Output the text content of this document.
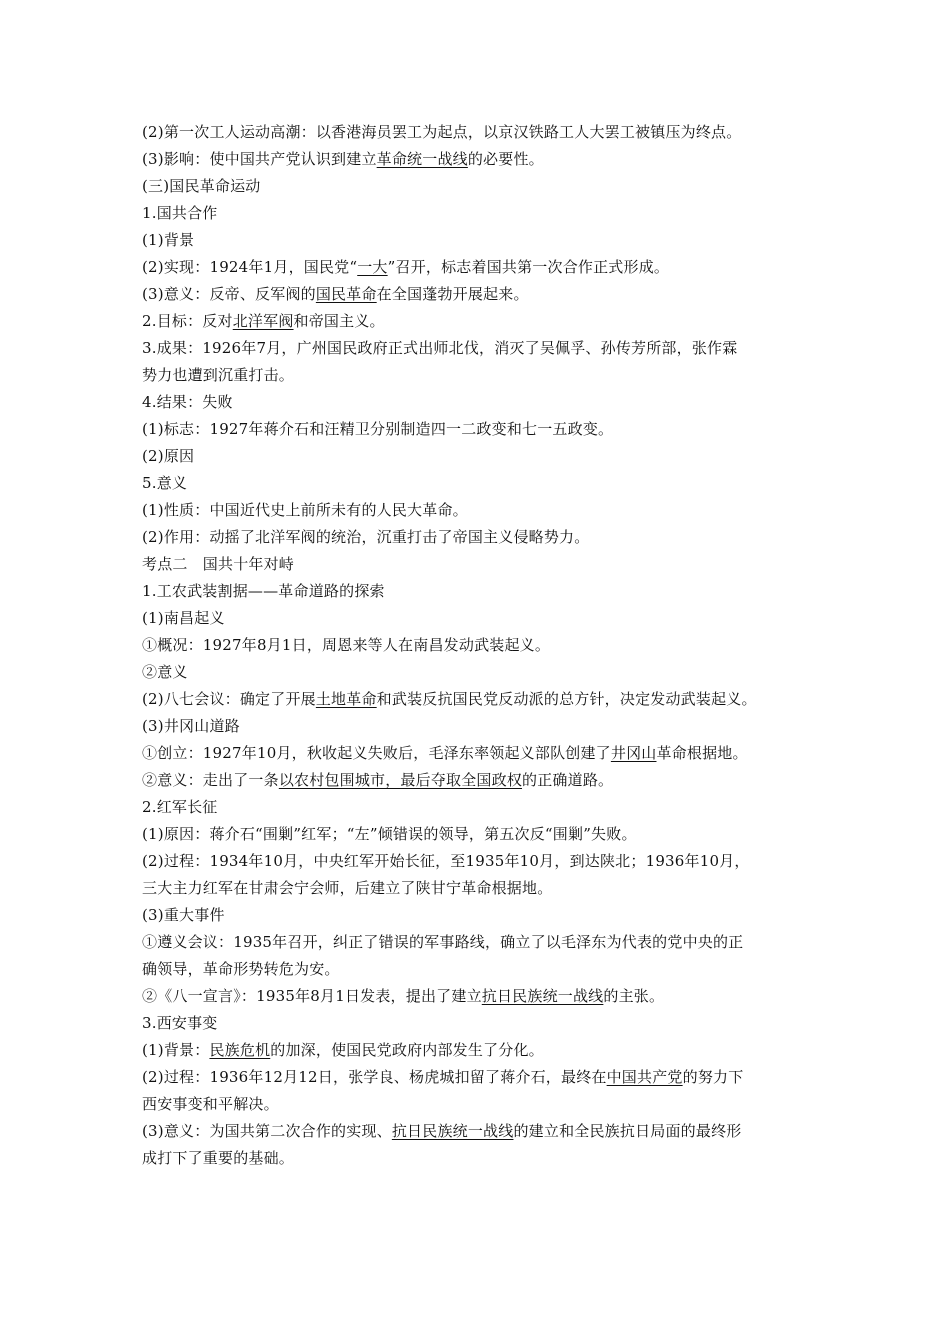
(2)第一次工人运动高潮：以香港海员罢工为起点，以京汉铁路工人大罢工被镇压为终点。
(3)影响：使中国共产党认识到建立革命统一战线的必要性。
(三)国民革命运动
1.国共合作
(1)背景
(2)实现：1924年1月，国民党“一大”召开，标志着国共第一次合作正式形成。
(3)意义：反帝、反军阀的国民革命在全国蓬勃开展起来。
2.目标：反对北洋军阀和帝国主义。
3.成果：1926年7月，广州国民政府正式出师北伐，消灭了吴佩孚、孙传芳所部，张作霖
势力也遭到沉重打击。
4.结果：失败
(1)标志：1927年蒋介石和汪精卫分别制造四一二政变和七一五政变。
(2)原因
5.意义
(1)性质：中国近代史上前所未有的人民大革命。
(2)作用：动摇了北洋军阀的统治，沉重打击了帝国主义侵略势力。
考点二　国共十年对峙
1.工农武装割据——革命道路的探索
(1)南昌起义
①概况：1927年8月1日，周恩来等人在南昌发动武装起义。
②意义
(2)八七会议：确定了开展土地革命和武装反抗国民党反动派的总方针，决定发动武装起义。
(3)井冈山道路
①创立：1927年10月，秋收起义失败后，毛泽东率领起义部队创建了井冈山革命根据地。
②意义：走出了一条以农村包围城市，最后夺取全国政权的正确道路。
2.红军长征
(1)原因：蒋介石“围剿”红军；“左”倾错误的领导，第五次反“围剿”失败。
(2)过程：1934年10月，中央红军开始长征，至1935年10月，到达陕北；1936年10月，
三大主力红军在甘肃会宁会师，后建立了陕甘宁革命根据地。
(3)重大事件
①遵义会议：1935年召开，纠正了错误的军事路线，确立了以毛泽东为代表的党中央的正
确领导，革命形势转危为安。
②《八一宣言》：1935年8月1日发表，提出了建立抗日民族统一战线的主张。
3.西安事变
(1)背景：民族危机的加深，使国民党政府内部发生了分化。
(2)过程：1936年12月12日，张学良、杨虎城扣留了蒋介石，最终在中国共产党的努力下
西安事变和平解决。
(3)意义：为国共第二次合作的实现、抗日民族统一战线的建立和全民族抗日局面的最终形
成打下了重要的基础。
